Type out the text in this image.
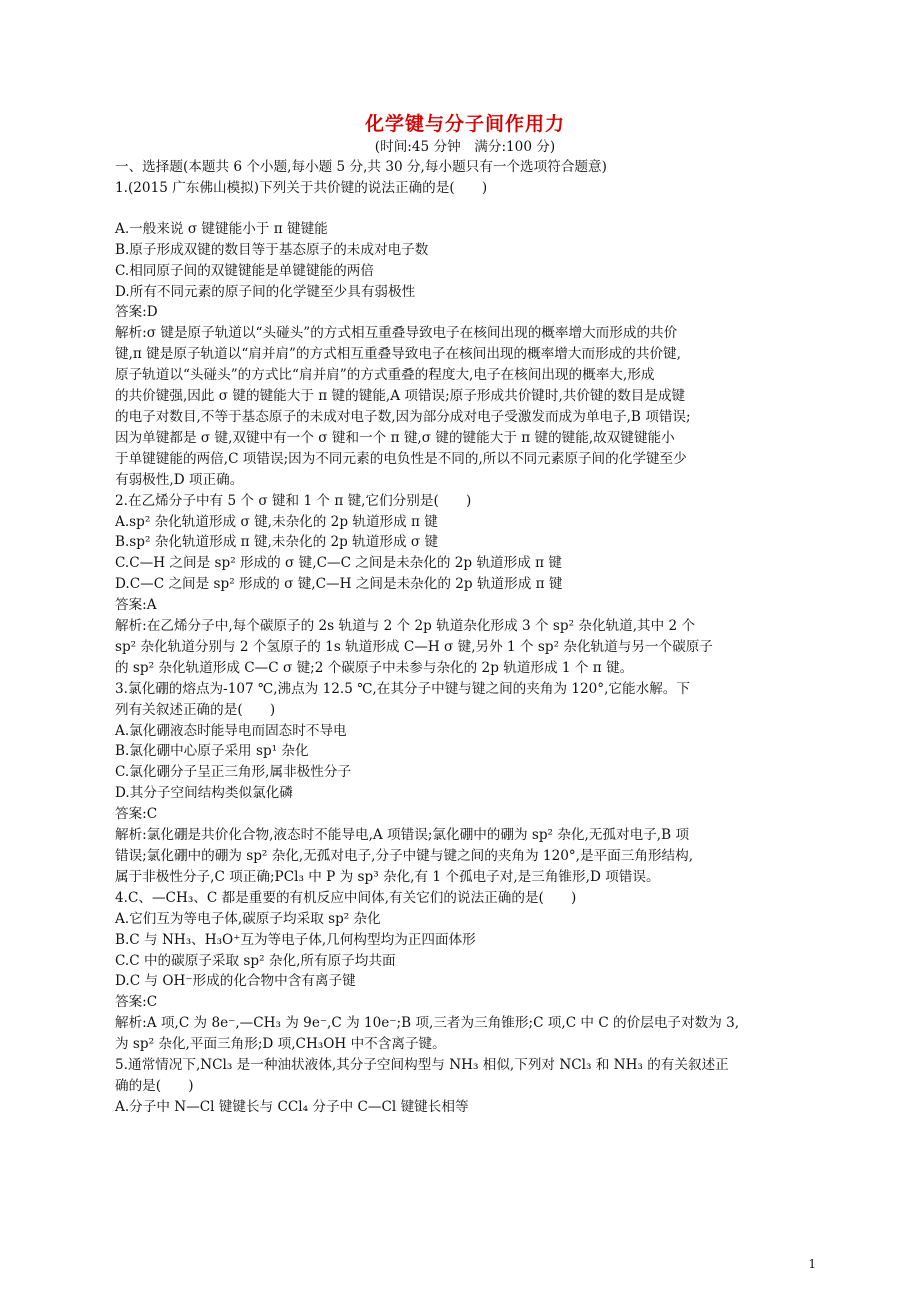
化学键与分子间作用力
(时间:45 分钟　满分:100 分)
一、选择题(本题共 6 个小题,每小题 5 分,共 30 分,每小题只有一个选项符合题意)
1.(2015 广东佛山模拟)下列关于共价键的说法正确的是(　　)
A.一般来说 σ 键键能小于 π 键键能
B.原子形成双键的数目等于基态原子的未成对电子数
C.相同原子间的双键键能是单键键能的两倍
D.所有不同元素的原子间的化学键至少具有弱极性
答案:D
解析:σ 键是原子轨道以“头碰头”的方式相互重叠导致电子在核间出现的概率增大而形成的共价
键,π 键是原子轨道以“肩并肩”的方式相互重叠导致电子在核间出现的概率增大而形成的共价键,
原子轨道以“头碰头”的方式比“肩并肩”的方式重叠的程度大,电子在核间出现的概率大,形成
的共价键强,因此 σ 键的键能大于 π 键的键能,A 项错误;原子形成共价键时,共价键的数目是成键
的电子对数目,不等于基态原子的未成对电子数,因为部分成对电子受激发而成为单电子,B 项错误;
因为单键都是 σ 键,双键中有一个 σ 键和一个 π 键,σ 键的键能大于 π 键的键能,故双键键能小
于单键键能的两倍,C 项错误;因为不同元素的电负性是不同的,所以不同元素原子间的化学键至少
有弱极性,D 项正确。
2.在乙烯分子中有 5 个 σ 键和 1 个 π 键,它们分别是(　　)
A.sp² 杂化轨道形成 σ 键,未杂化的 2p 轨道形成 π 键
B.sp² 杂化轨道形成 π 键,未杂化的 2p 轨道形成 σ 键
C.C—H 之间是 sp² 形成的 σ 键,C—C 之间是未杂化的 2p 轨道形成 π 键
D.C—C 之间是 sp² 形成的 σ 键,C—H 之间是未杂化的 2p 轨道形成 π 键
答案:A
解析:在乙烯分子中,每个碳原子的 2s 轨道与 2 个 2p 轨道杂化形成 3 个 sp² 杂化轨道,其中 2 个
sp² 杂化轨道分别与 2 个氢原子的 1s 轨道形成 C—H σ 键,另外 1 个 sp² 杂化轨道与另一个碳原子
的 sp² 杂化轨道形成 C—C σ 键;2 个碳原子中未参与杂化的 2p 轨道形成 1 个 π 键。
3.氯化硼的熔点为-107 ℃,沸点为 12.5 ℃,在其分子中键与键之间的夹角为 120°,它能水解。下
列有关叙述正确的是(　　)
A.氯化硼液态时能导电而固态时不导电
B.氯化硼中心原子采用 sp¹ 杂化
C.氯化硼分子呈正三角形,属非极性分子
D.其分子空间结构类似氯化磷
答案:C
解析:氯化硼是共价化合物,液态时不能导电,A 项错误;氯化硼中的硼为 sp² 杂化,无孤对电子,B 项
错误;氯化硼中的硼为 sp² 杂化,无孤对电子,分子中键与键之间的夹角为 120°,是平面三角形结构,
属于非极性分子,C 项正确;PCl₃ 中 P 为 sp³ 杂化,有 1 个孤电子对,是三角锥形,D 项错误。
4.C、—CH₃、C 都是重要的有机反应中间体,有关它们的说法正确的是(　　)
A.它们互为等电子体,碳原子均采取 sp² 杂化
B.C 与 NH₃、H₃O⁺互为等电子体,几何构型均为正四面体形
C.C 中的碳原子采取 sp² 杂化,所有原子均共面
D.C 与 OH⁻形成的化合物中含有离子键
答案:C
解析:A 项,C 为 8e⁻,—CH₃ 为 9e⁻,C 为 10e⁻;B 项,三者为三角锥形;C 项,C 中 C 的价层电子对数为 3,
为 sp² 杂化,平面三角形;D 项,CH₃OH 中不含离子键。
5.通常情况下,NCl₃ 是一种油状液体,其分子空间构型与 NH₃ 相似,下列对 NCl₃ 和 NH₃ 的有关叙述正
确的是(　　)
A.分子中 N—Cl 键键长与 CCl₄ 分子中 C—Cl 键键长相等
1
